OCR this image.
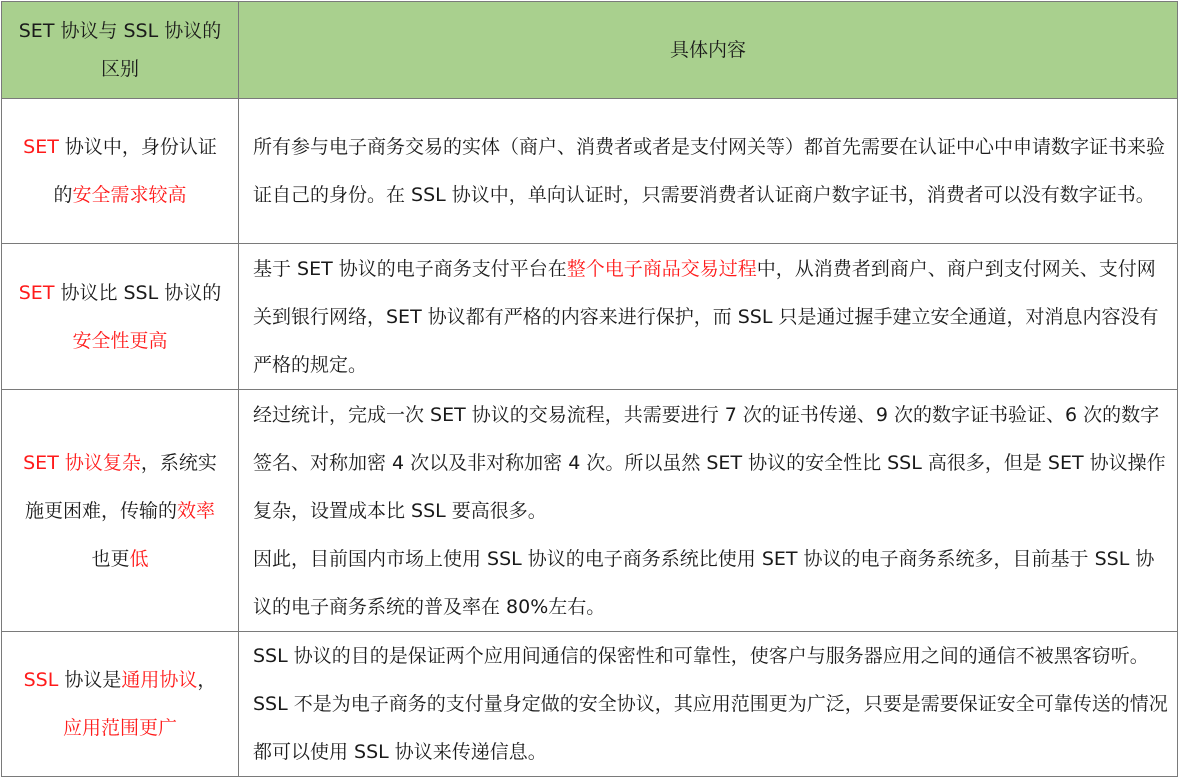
SET 协议与 SSL 协议的区别	具体内容
SET 协议中，身份认证的安全需求较高	所有参与电子商务交易的实体（商户、消费者或者是支付网关等）都首先需要在认证中心中申请数字证书来验证自己的身份。在 SSL 协议中，单向认证时，只需要消费者认证商户数字证书，消费者可以没有数字证书。

SET 协议比 SSL 协议的安全性更高	基于 SET 协议的电子商务支付平台在整个电子商品交易过程中，从消费者到商户、商户到支付网关、支付网关到银行网络，SET 协议都有严格的内容来进行保护，而 SSL 只是通过握手建立安全通道，对消息内容没有严格的规定。

SET 协议复杂，系统实施更困难，传输的效率也更低	经过统计，完成一次 SET 协议的交易流程，共需要进行 7 次的证书传递、9 次的数字证书验证、6 次的数字签名、对称加密 4 次以及非对称加密 4 次。所以虽然 SET 协议的安全性比 SSL 高很多，但是 SET 协议操作复杂，设置成本比 SSL 要高很多。

因此，目前国内市场上使用 SSL 协议的电子商务系统比使用 SET 协议的电子商务系统多，目前基于 SSL 协议的电子商务系统的普及率在 80%左右。

SSL 协议是通用协议，应用范围更广	SSL 协议的目的是保证两个应用间通信的保密性和可靠性，使客户与服务器应用之间的通信不被黑客窃听。SSL 不是为电子商务的支付量身定做的安全协议，其应用范围更为广泛，只要是需要保证安全可靠传送的情况都可以使用 SSL 协议来传递信息。
